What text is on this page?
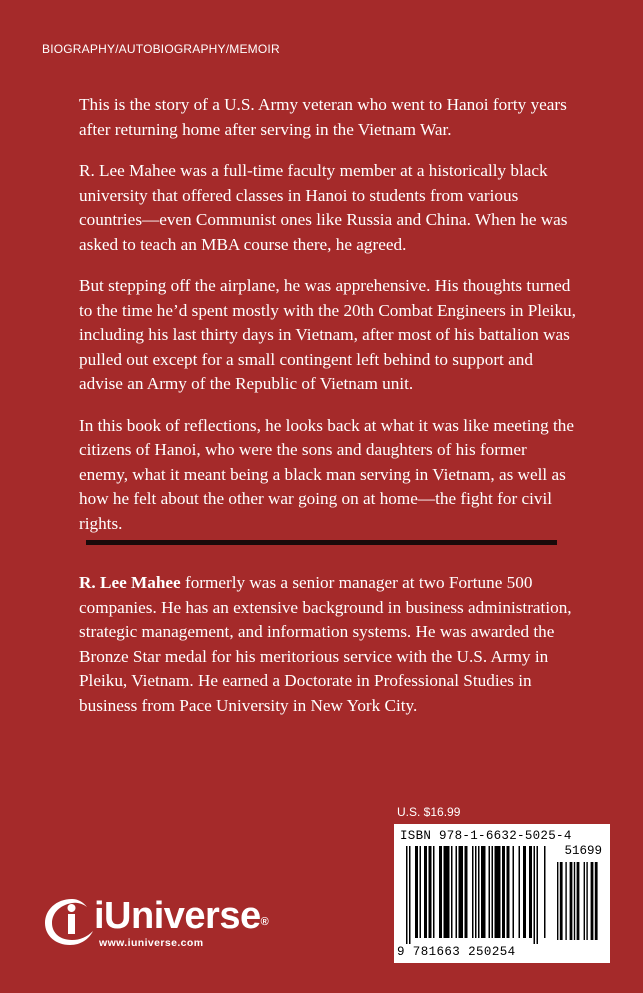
BIOGRAPHY/AUTOBIOGRAPHY/MEMOIR

This is the story of a U.S. Army veteran who went to Hanoi forty years after returning home after serving in the Vietnam War.

R. Lee Mahee was a full-time faculty member at a historically black university that offered classes in Hanoi to students from various countries—even Communist ones like Russia and China. When he was asked to teach an MBA course there, he agreed.

But stepping off the airplane, he was apprehensive. His thoughts turned to the time he’d spent mostly with the 20th Combat Engineers in Pleiku, including his last thirty days in Vietnam, after most of his battalion was pulled out except for a small contingent left behind to support and advise an Army of the Republic of Vietnam unit.

In this book of reflections, he looks back at what it was like meeting the citizens of Hanoi, who were the sons and daughters of his former enemy, what it meant being a black man serving in Vietnam, as well as how he felt about the other war going on at home—the fight for civil rights.

R. Lee Mahee formerly was a senior manager at two Fortune 500 companies. He has an extensive background in business administration, strategic management, and information systems. He was awarded the Bronze Star medal for his meritorious service with the U.S. Army in Pleiku, Vietnam. He earned a Doctorate in Professional Studies in business from Pace University in New York City.

U.S. $16.99
ISBN 978-1-6632-5025-4
51699
9 781663 250254
iUniverse®
www.iuniverse.com
